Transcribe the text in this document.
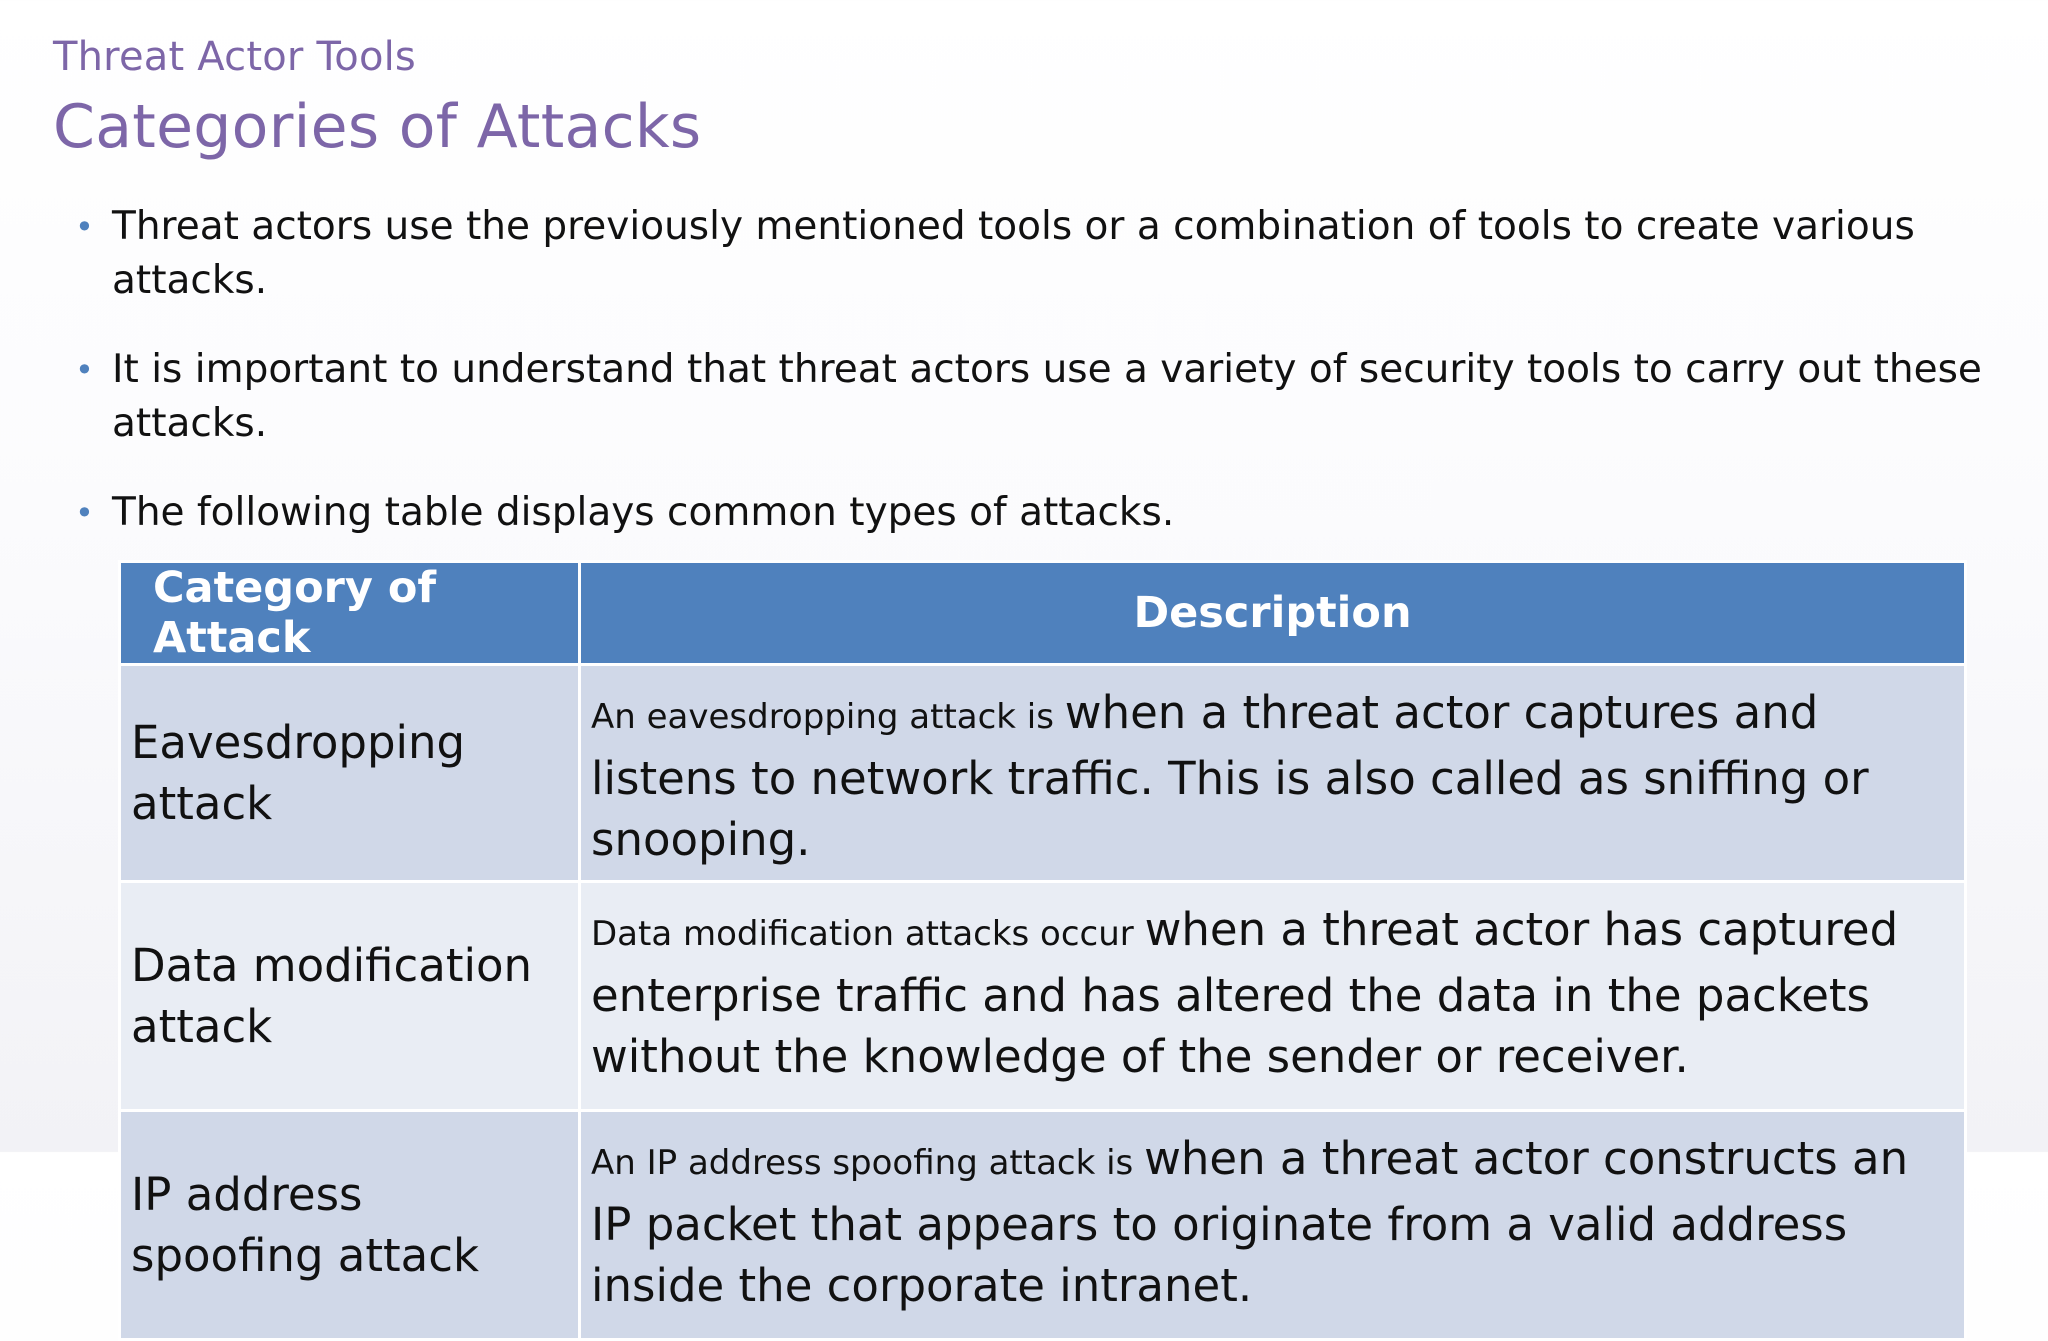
Threat Actor Tools
Categories of Attacks
• Threat actors use the previously mentioned tools or a combination of tools to create various attacks.
• It is important to understand that threat actors use a variety of security tools to carry out these attacks.
• The following table displays common types of attacks.
Category of Attack	Description
Eavesdropping attack	An eavesdropping attack is when a threat actor captures and listens to network traffic. This is also called as sniffing or snooping.
Data modification attack	Data modification attacks occur when a threat actor has captured enterprise traffic and has altered the data in the packets without the knowledge of the sender or receiver.
IP address spoofing attack	An IP address spoofing attack is when a threat actor constructs an IP packet that appears to originate from a valid address inside the corporate intranet.
